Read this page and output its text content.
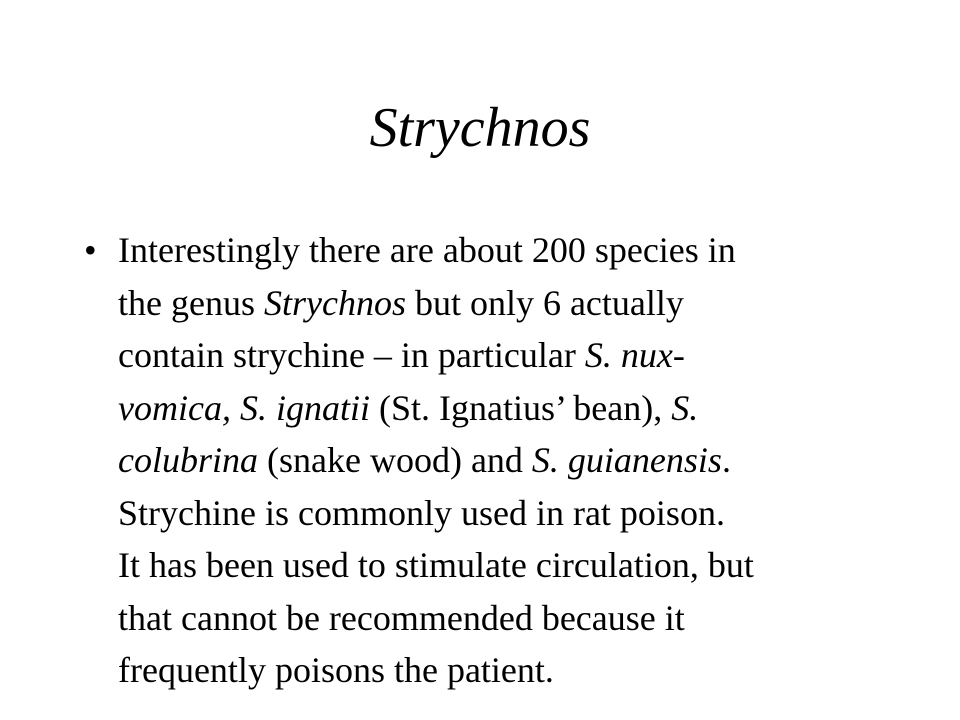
Strychnos
• Interestingly there are about 200 species in
the genus Strychnos but only 6 actually
contain strychine – in particular S. nux-
vomica, S. ignatii (St. Ignatius’ bean), S.
colubrina (snake wood) and S. guianensis.
Strychine is commonly used in rat poison.
It has been used to stimulate circulation, but
that cannot be recommended because it
frequently poisons the patient.
